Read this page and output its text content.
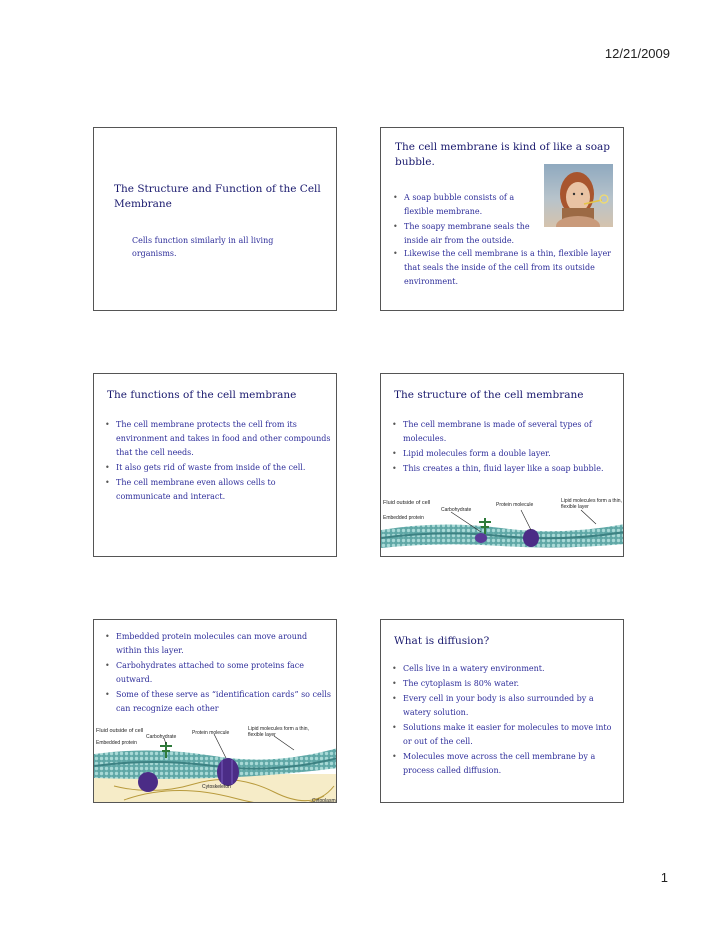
12/21/2009
The Structure and Function of the Cell Membrane
Cells function similarly in all living organisms.
The cell membrane is kind of like a soap bubble.
• A soap bubble consists of a flexible membrane.
• The soapy membrane seals the inside air from the outside.
• Likewise the cell membrane is a thin, flexible layer that seals the inside of the cell from its outside environment.
The functions of the cell membrane
• The cell membrane protects the cell from its environment and takes in food and other compounds that the cell needs.
• It also gets rid of waste from inside of the cell.
• The cell membrane even allows cells to communicate and interact.
The structure of the cell membrane
• The cell membrane is made of several types of molecules.
• Lipid molecules form a double layer.
• This creates a thin, fluid layer like a soap bubble.
Fluid outside of cell	Protein molecule
Carbohydrate
Embedded protein
Lipid molecules form a thin, flexible layer
• Embedded protein molecules can move around within this layer.
• Carbohydrates attached to some proteins face outward.
• Some of these serve as “identification cards” so cells can recognize each other
Fluid outside of cell
Carbohydrate
Protein molecule
Embedded protein
Cytoskeleton
Cytoplasm
Lipid molecules form a thin, flexible layer
What is diffusion?
• Cells live in a watery environment.
• The cytoplasm is 80% water.
• Every cell in your body is also surrounded by a watery solution.
• Solutions make it easier for molecules to move into or out of the cell.
• Molecules move across the cell membrane by a process called diffusion.
1
